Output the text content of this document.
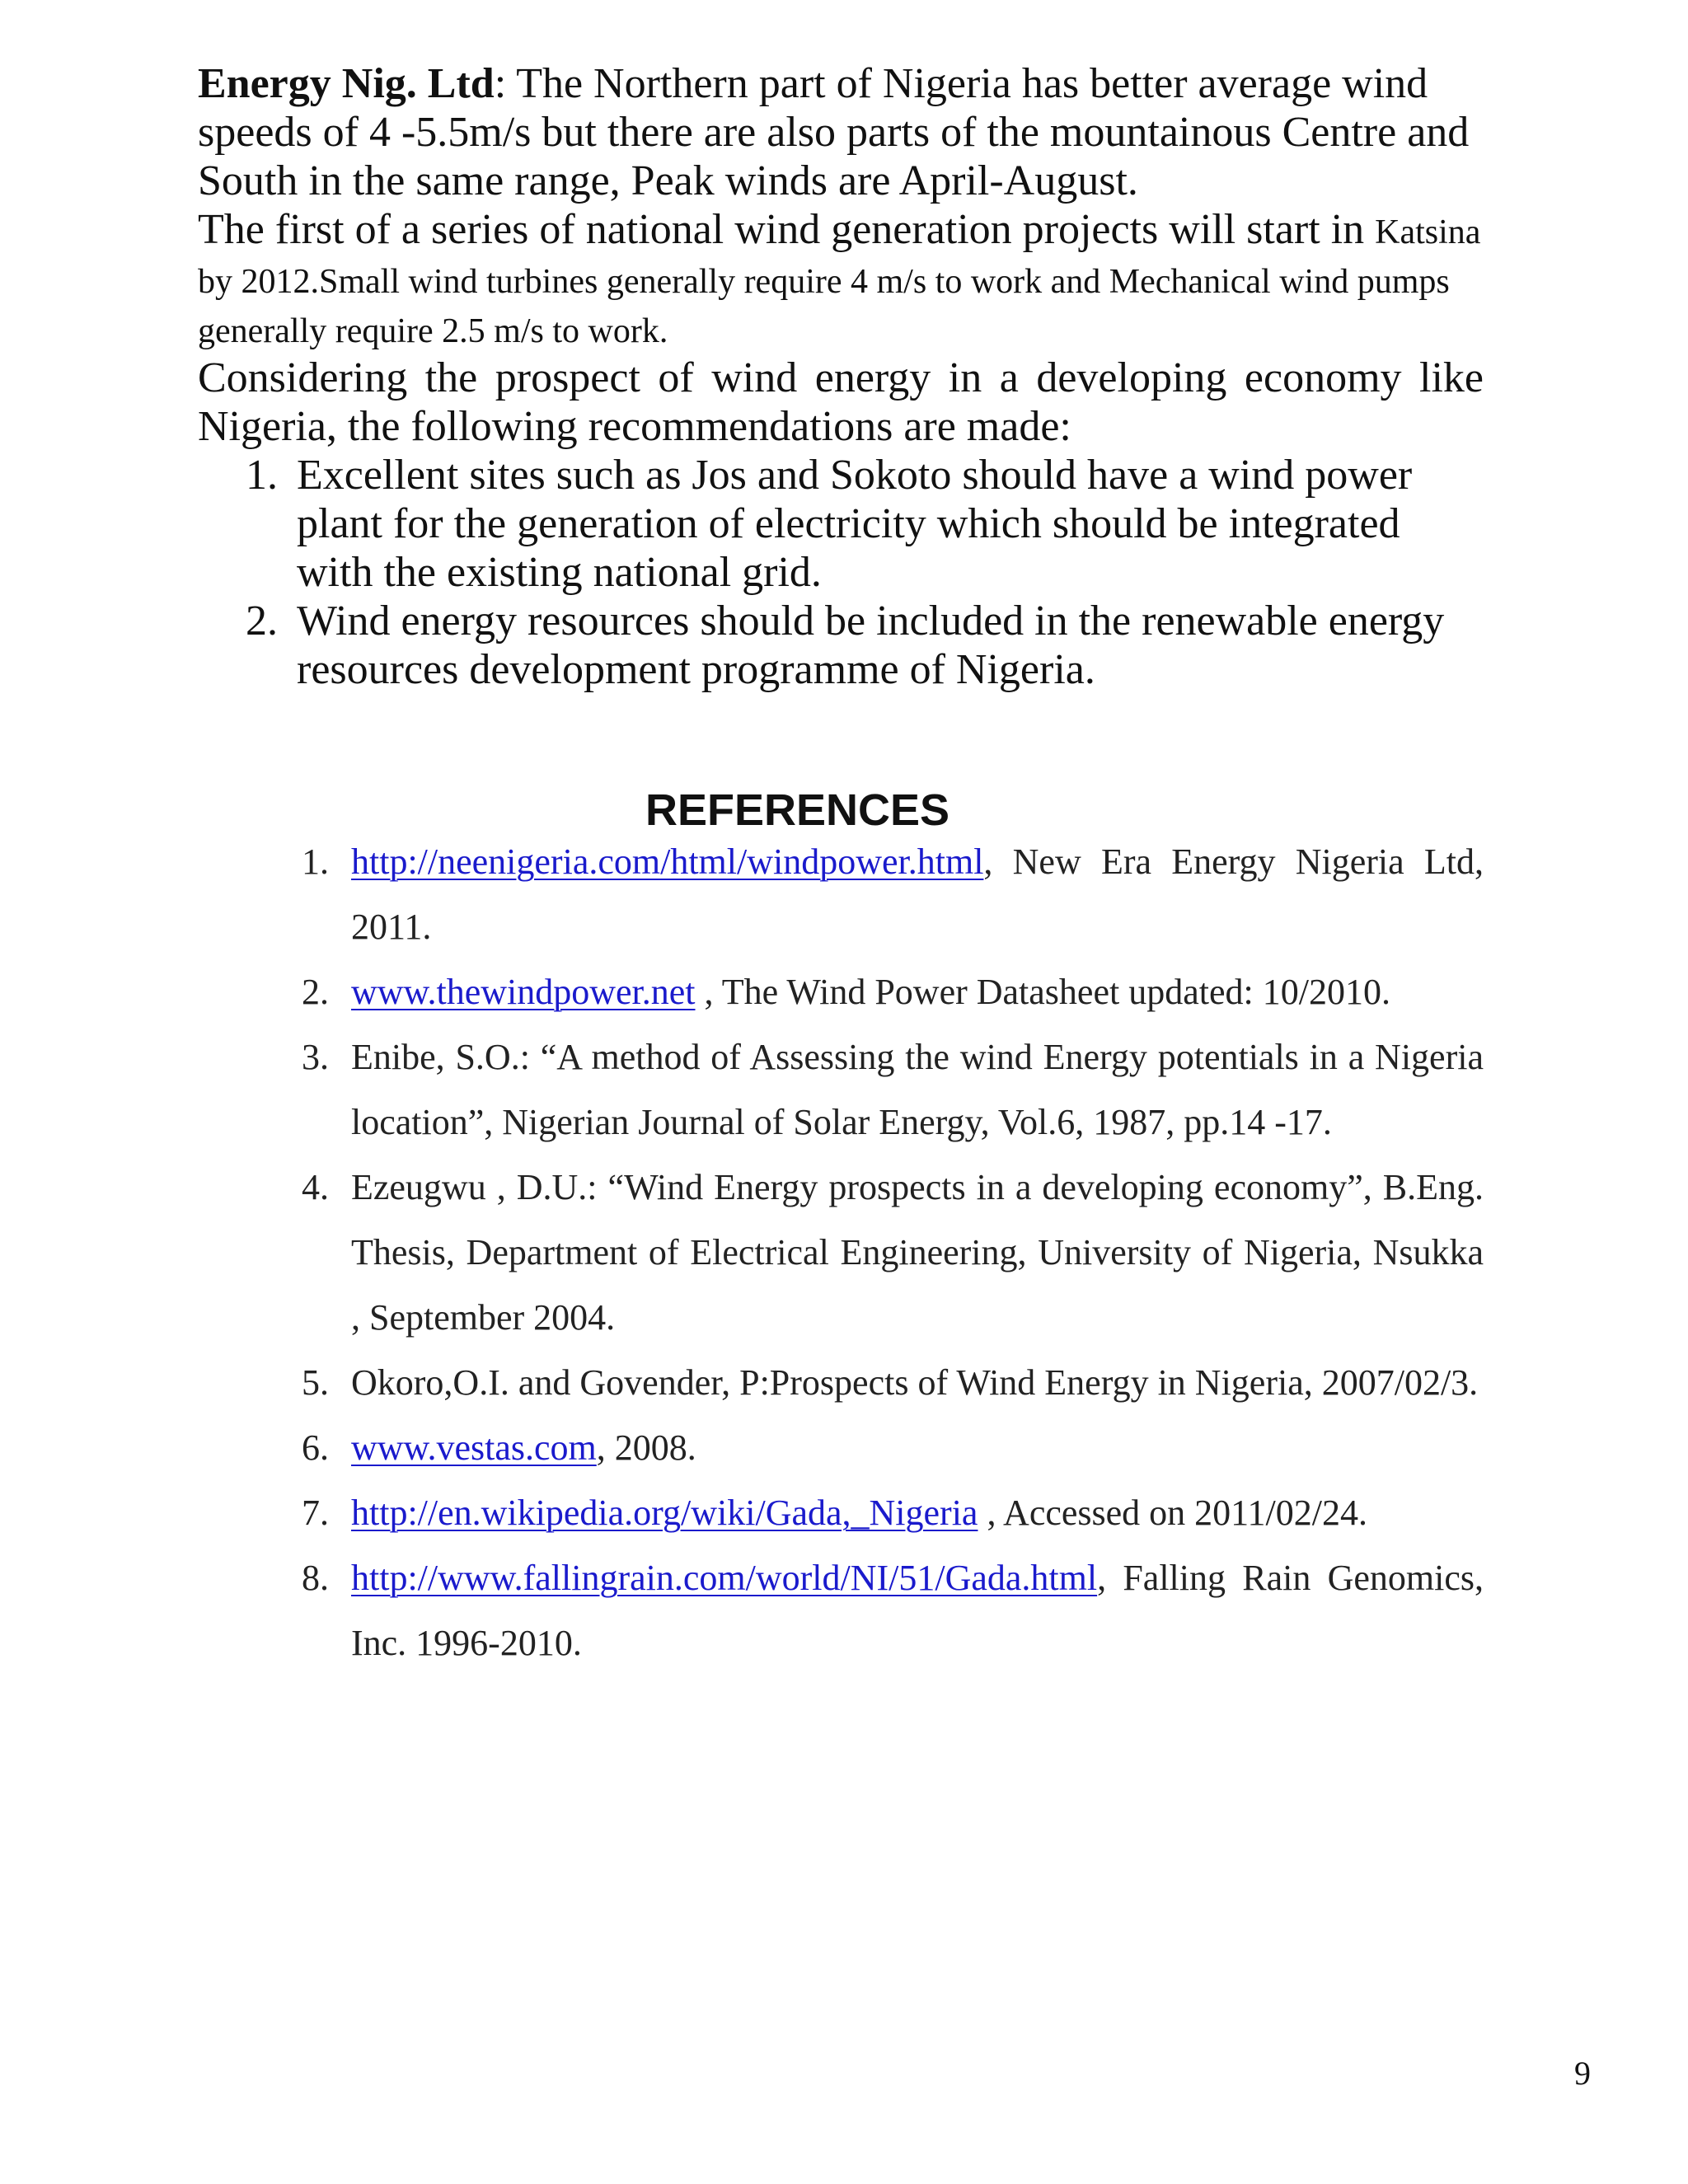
Energy Nig. Ltd: The Northern part of Nigeria has better average wind speeds of 4 -5.5m/s but there are also parts of the mountainous Centre and South in the same range, Peak winds are April-August.

The first of a series of national wind generation projects will start in Katsina by 2012.Small wind turbines generally require 4 m/s to work and Mechanical wind pumps generally require 2.5 m/s to work.

Considering the prospect of wind energy in a developing economy like Nigeria, the following recommendations are made:

1. Excellent sites such as Jos and Sokoto should have a wind power plant for the generation of electricity which should be integrated with the existing national grid.
2. Wind energy resources should be included in the renewable energy resources development programme of Nigeria.
REFERENCES
1. http://neenigeria.com/html/windpower.html, New Era Energy Nigeria Ltd, 2011.
2. www.thewindpower.net , The Wind Power Datasheet updated: 10/2010.
3. Enibe, S.O.: “A method of Assessing the wind Energy potentials in a Nigeria location”, Nigerian Journal of Solar Energy, Vol.6, 1987, pp.14 -17.
4. Ezeugwu , D.U.: “Wind Energy prospects in a developing economy”, B.Eng. Thesis, Department of Electrical Engineering, University of Nigeria, Nsukka , September 2004.
5. Okoro,O.I. and Govender, P:Prospects of Wind Energy in Nigeria, 2007/02/3.
6. www.vestas.com, 2008.
7. http://en.wikipedia.org/wiki/Gada,_Nigeria , Accessed on 2011/02/24.
8. http://www.fallingrain.com/world/NI/51/Gada.html, Falling Rain Genomics, Inc. 1996-2010.
9
